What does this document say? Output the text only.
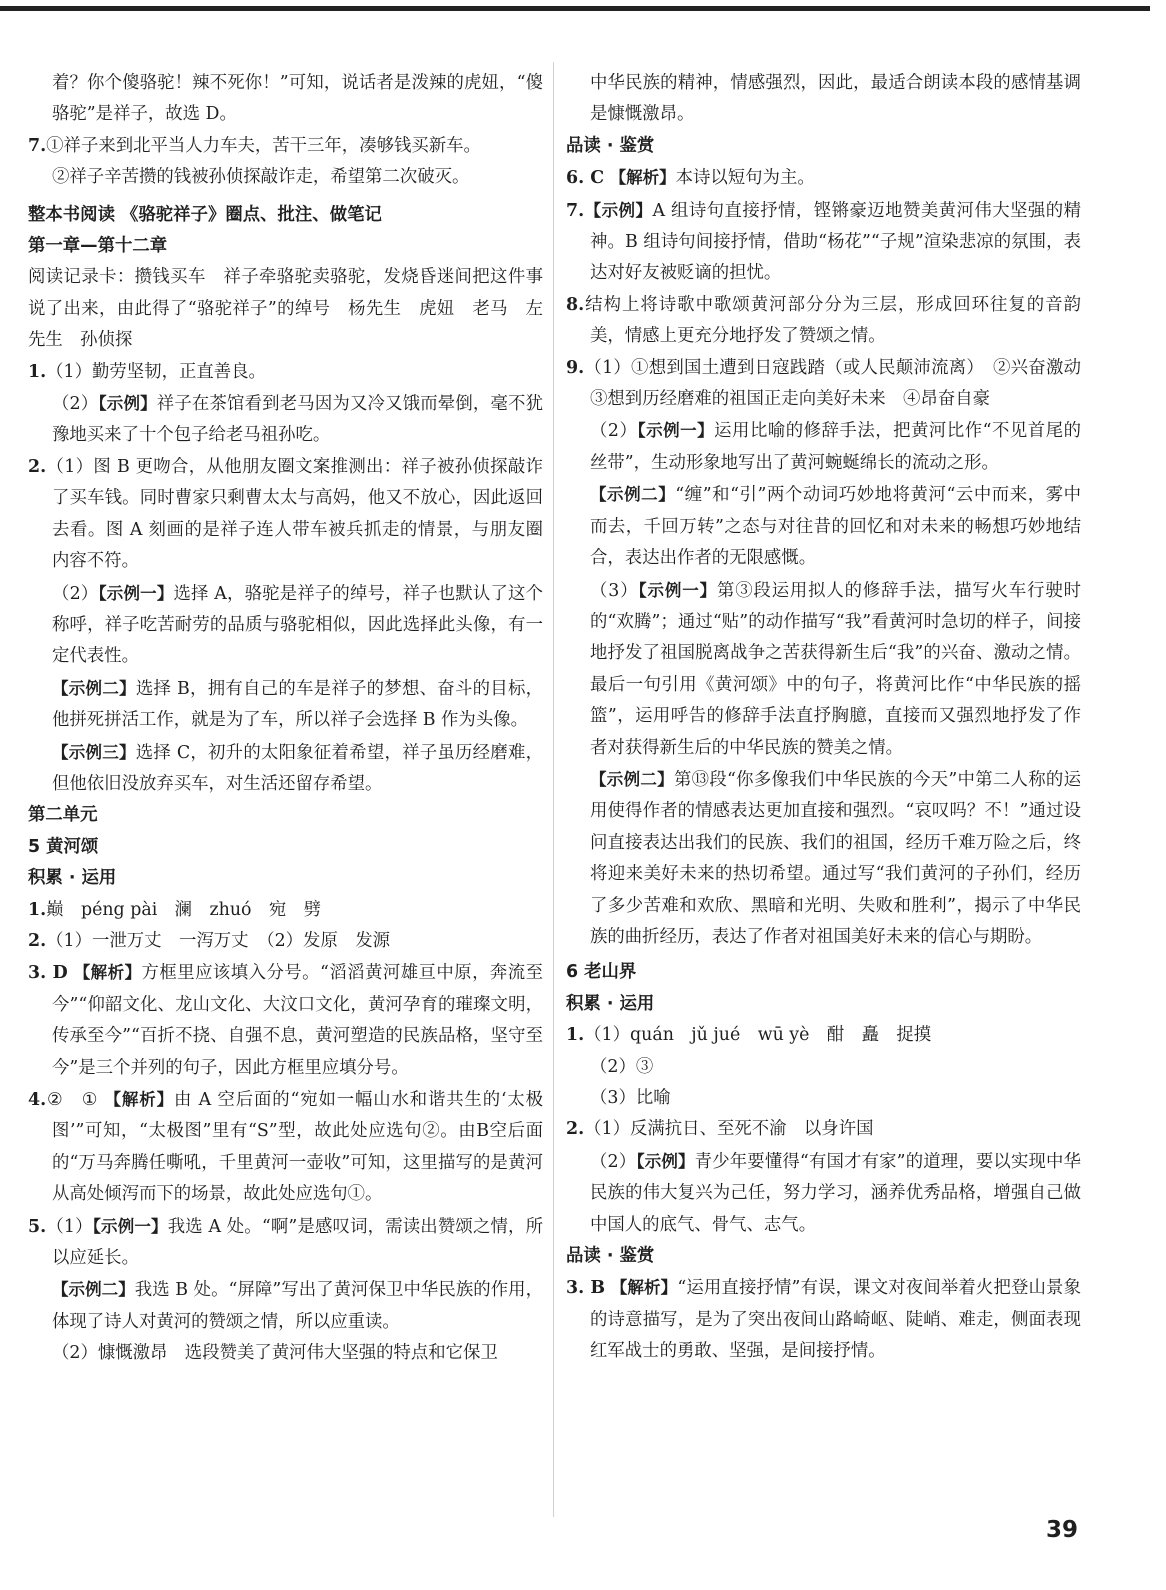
着？你个傻骆驼！辣不死你！”可知，说话者是泼辣的虎妞，“傻骆驼”是祥子，故选 D。

7.①祥子来到北平当人力车夫，苦干三年，凑够钱买新车。

②祥子辛苦攒的钱被孙侦探敲诈走，希望第二次破灭。

整本书阅读 《骆驼祥子》圈点、批注、做笔记

第一章—第十二章

阅读记录卡：攒钱买车　祥子牵骆驼卖骆驼，发烧昏迷间把这件事说了出来，由此得了“骆驼祥子”的绰号　杨先生　虎妞　老马　左先生　孙侦探

1.（1）勤劳坚韧，正直善良。

（2）【示例】祥子在茶馆看到老马因为又冷又饿而晕倒，毫不犹豫地买来了十个包子给老马祖孙吃。

2.（1）图 B 更吻合，从他朋友圈文案推测出：祥子被孙侦探敲诈了买车钱。同时曹家只剩曹太太与高妈，他又不放心，因此返回去看。图 A 刻画的是祥子连人带车被兵抓走的情景，与朋友圈内容不符。

（2）【示例一】选择 A，骆驼是祥子的绰号，祥子也默认了这个称呼，祥子吃苦耐劳的品质与骆驼相似，因此选择此头像，有一定代表性。

【示例二】选择 B，拥有自己的车是祥子的梦想、奋斗的目标，他拼死拼活工作，就是为了车，所以祥子会选择 B 作为头像。

【示例三】选择 C，初升的太阳象征着希望，祥子虽历经磨难，但他依旧没放弃买车，对生活还留存希望。

第二单元

5 黄河颂

积累 · 运用

1.巅　péng pài　澜　zhuó　宛　劈

2.（1）一泄万丈　一泻万丈　（2）发原　发源

3. D 【解析】方框里应该填入分号。“滔滔黄河雄亘中原，奔流至今”“仰韶文化、龙山文化、大汶口文化，黄河孕育的璀璨文明，传承至今”“百折不挠、自强不息，黄河塑造的民族品格，坚守至今”是三个并列的句子，因此方框里应填分号。

4.②　① 【解析】由 A 空后面的“宛如一幅山水和谐共生的‘太极图’”可知，“太极图”里有“S”型，故此处应选句②。由B空后面的“万马奔腾任嘶吼，千里黄河一壶收”可知，这里描写的是黄河从高处倾泻而下的场景，故此处应选句①。

5.（1）【示例一】我选 A 处。“啊”是感叹词，需读出赞颂之情，所以应延长。

【示例二】我选 B 处。“屏障”写出了黄河保卫中华民族的作用，体现了诗人对黄河的赞颂之情，所以应重读。

（2）慷慨激昂　选段赞美了黄河伟大坚强的特点和它保卫

中华民族的精神，情感强烈，因此，最适合朗读本段的感情基调是慷慨激昂。

品读 · 鉴赏

6. C 【解析】本诗以短句为主。

7.【示例】A 组诗句直接抒情，铿锵豪迈地赞美黄河伟大坚强的精神。B 组诗句间接抒情，借助“杨花”“子规”渲染悲凉的氛围，表达对好友被贬谪的担忧。

8.结构上将诗歌中歌颂黄河部分分为三层，形成回环往复的音韵美，情感上更充分地抒发了赞颂之情。

9.（1）①想到国土遭到日寇践踏（或人民颠沛流离）　②兴奋激动　③想到历经磨难的祖国正走向美好未来　④昂奋自豪

（2）【示例一】运用比喻的修辞手法，把黄河比作“不见首尾的丝带”，生动形象地写出了黄河蜿蜒绵长的流动之形。

【示例二】“缠”和“引”两个动词巧妙地将黄河“云中而来，雾中而去，千回万转”之态与对往昔的回忆和对未来的畅想巧妙地结合，表达出作者的无限感慨。

（3）【示例一】第③段运用拟人的修辞手法，描写火车行驶时的“欢腾”；通过“贴”的动作描写“我”看黄河时急切的样子，间接地抒发了祖国脱离战争之苦获得新生后“我”的兴奋、激动之情。最后一句引用《黄河颂》中的句子，将黄河比作“中华民族的摇篮”，运用呼告的修辞手法直抒胸臆，直接而又强烈地抒发了作者对获得新生后的中华民族的赞美之情。

【示例二】第⑬段“你多像我们中华民族的今天”中第二人称的运用使得作者的情感表达更加直接和强烈。“哀叹吗？不！”通过设问直接表达出我们的民族、我们的祖国，经历千难万险之后，终将迎来美好未来的热切希望。通过写“我们黄河的子孙们，经历了多少苦难和欢欣、黑暗和光明、失败和胜利”，揭示了中华民族的曲折经历，表达了作者对祖国美好未来的信心与期盼。

6 老山界

积累 · 运用

1.（1）quán　jǔ jué　wū yè　酣　矗　捉摸

（2）③

（3）比喻

2.（1）反满抗日、至死不渝　以身许国

（2）【示例】青少年要懂得“有国才有家”的道理，要以实现中华民族的伟大复兴为己任，努力学习，涵养优秀品格，增强自己做中国人的底气、骨气、志气。

品读 · 鉴赏

3. B 【解析】“运用直接抒情”有误，课文对夜间举着火把登山景象的诗意描写，是为了突出夜间山路崎岖、陡峭、难走，侧面表现红军战士的勇敢、坚强，是间接抒情。

39
